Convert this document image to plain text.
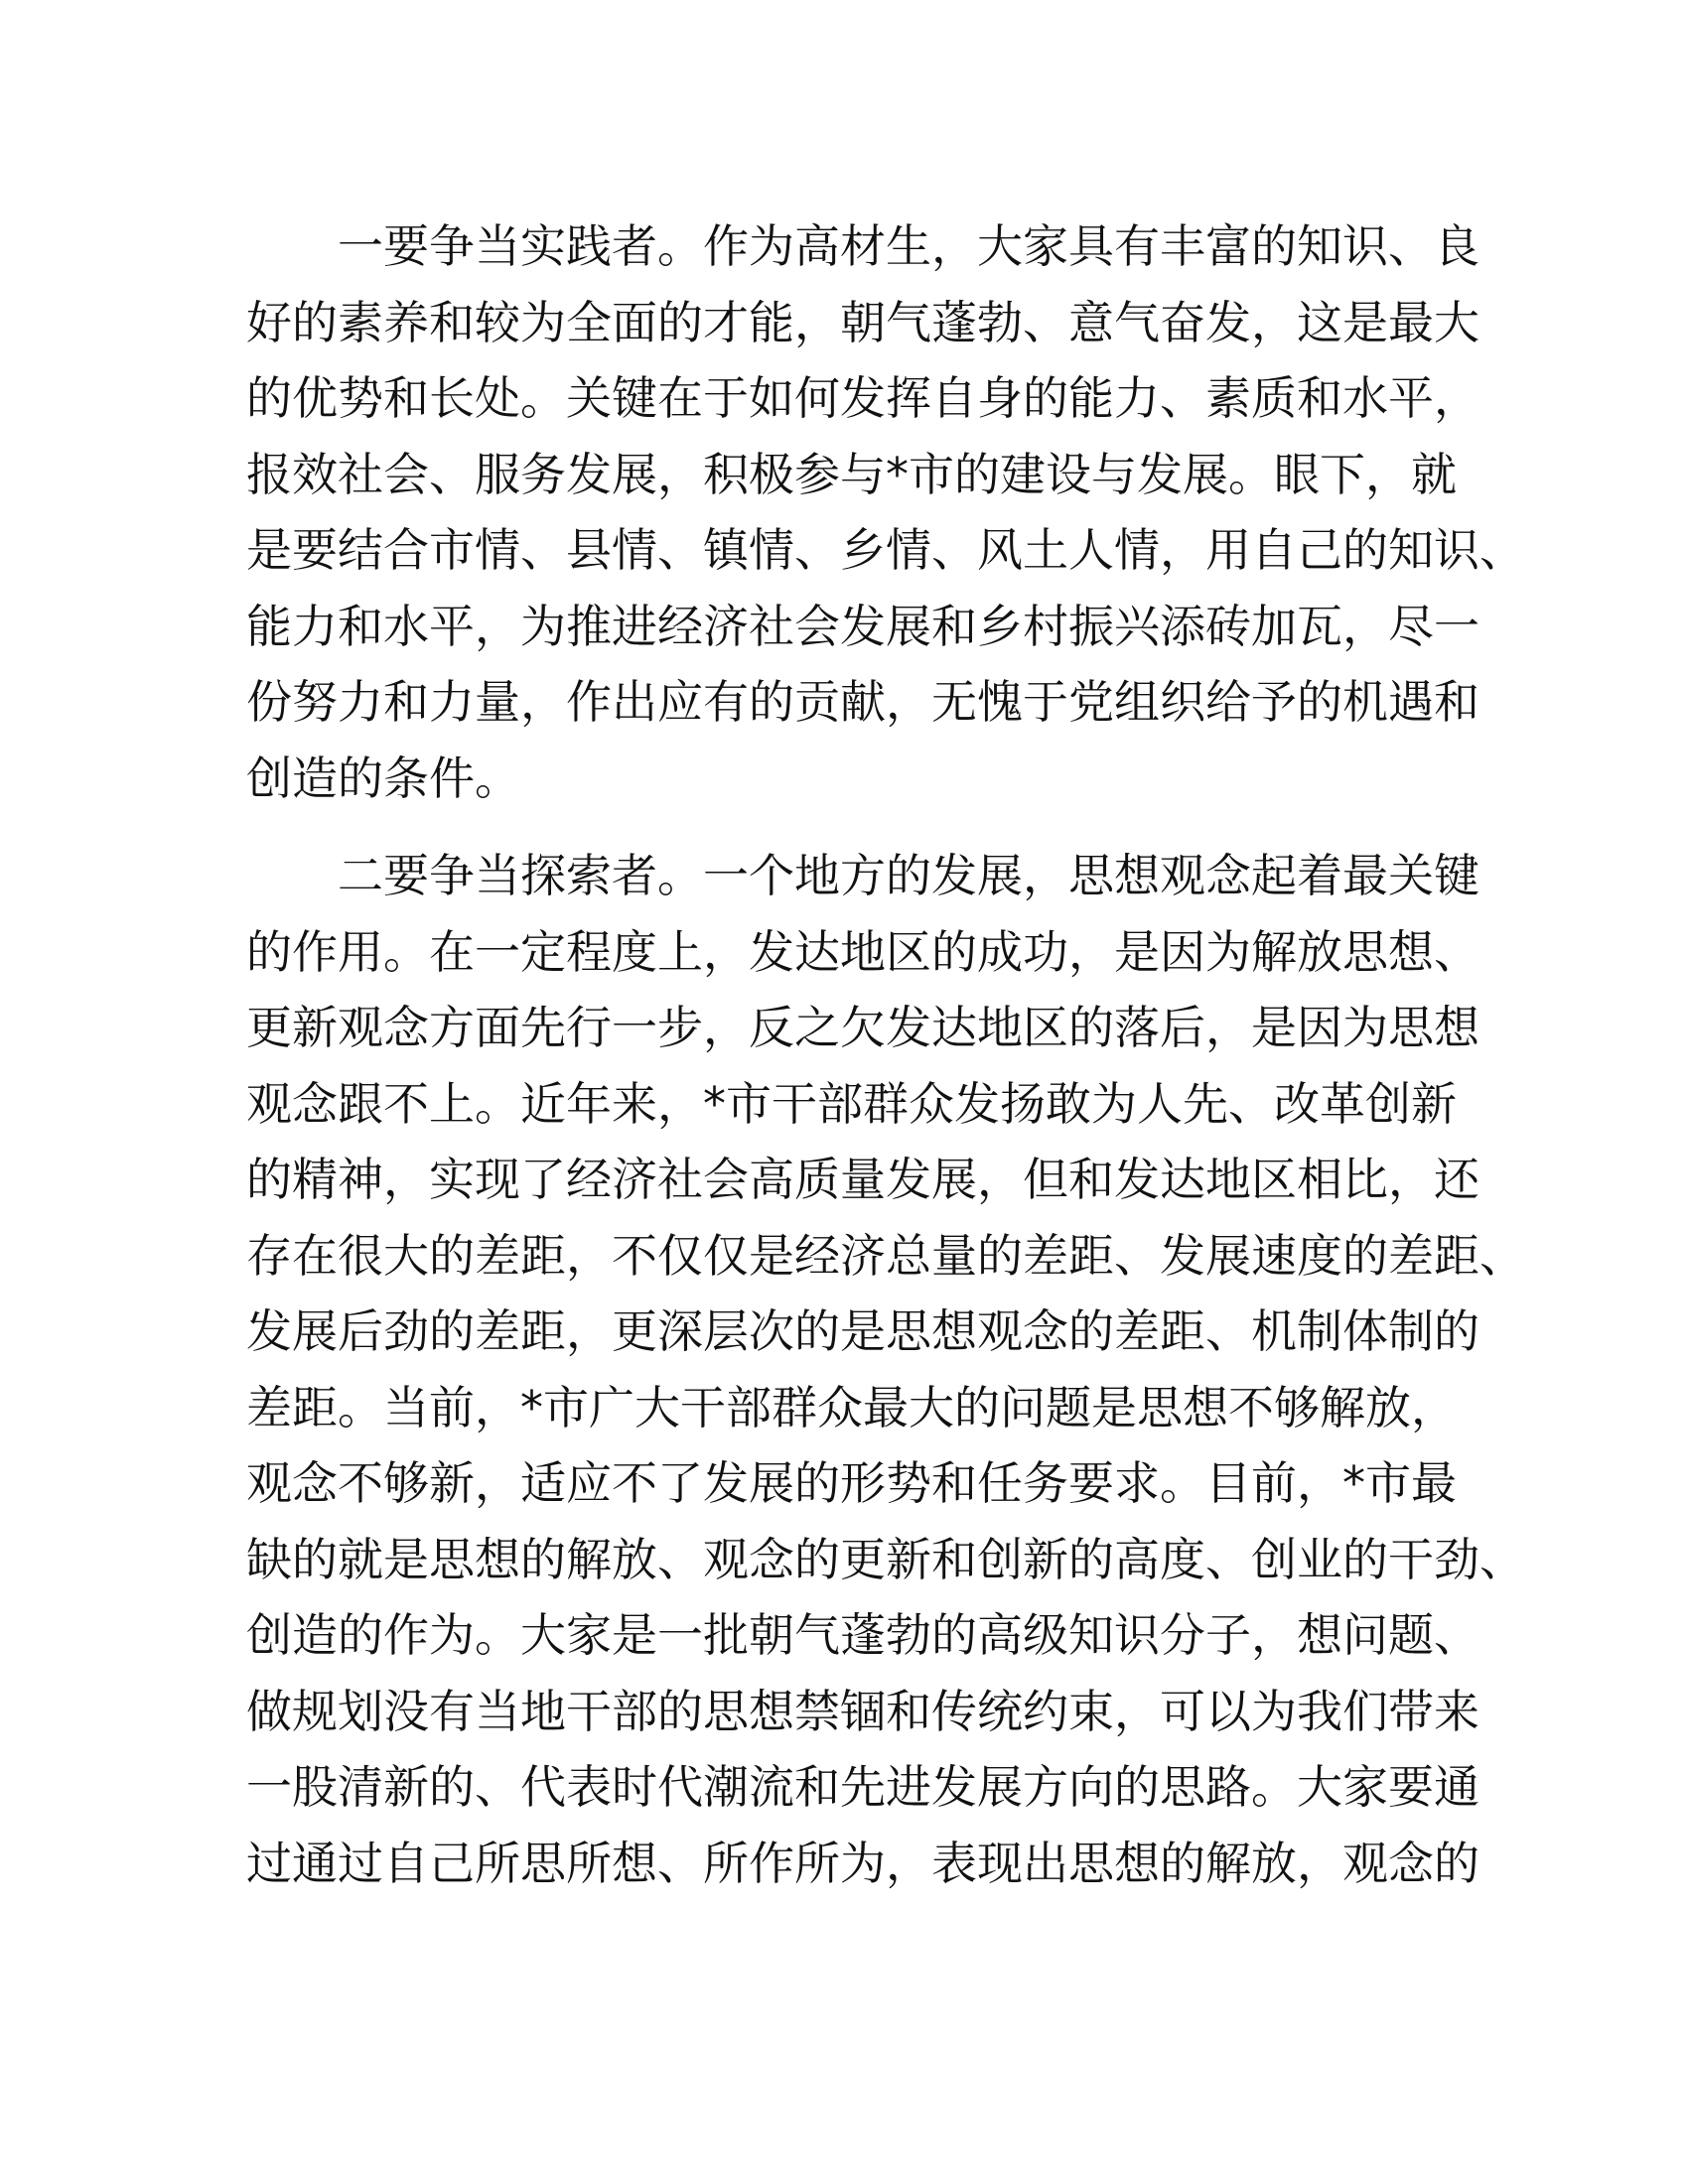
一要争当实践者。作为高材生，大家具有丰富的知识、良
好的素养和较为全面的才能，朝气蓬勃、意气奋发，这是最大
的优势和长处。关键在于如何发挥自身的能力、素质和水平，
报效社会、服务发展，积极参与*市的建设与发展。眼下，就
是要结合市情、县情、镇情、乡情、风土人情，用自己的知识、
能力和水平，为推进经济社会发展和乡村振兴添砖加瓦，尽一
份努力和力量，作出应有的贡献，无愧于党组织给予的机遇和
创造的条件。
二要争当探索者。一个地方的发展，思想观念起着最关键
的作用。在一定程度上，发达地区的成功，是因为解放思想、
更新观念方面先行一步，反之欠发达地区的落后，是因为思想
观念跟不上。近年来，*市干部群众发扬敢为人先、改革创新
的精神，实现了经济社会高质量发展，但和发达地区相比，还
存在很大的差距，不仅仅是经济总量的差距、发展速度的差距、
发展后劲的差距，更深层次的是思想观念的差距、机制体制的
差距。当前，*市广大干部群众最大的问题是思想不够解放，
观念不够新，适应不了发展的形势和任务要求。目前，*市最
缺的就是思想的解放、观念的更新和创新的高度、创业的干劲、
创造的作为。大家是一批朝气蓬勃的高级知识分子，想问题、
做规划没有当地干部的思想禁锢和传统约束，可以为我们带来
一股清新的、代表时代潮流和先进发展方向的思路。大家要通
过通过自己所思所想、所作所为，表现出思想的解放，观念的
